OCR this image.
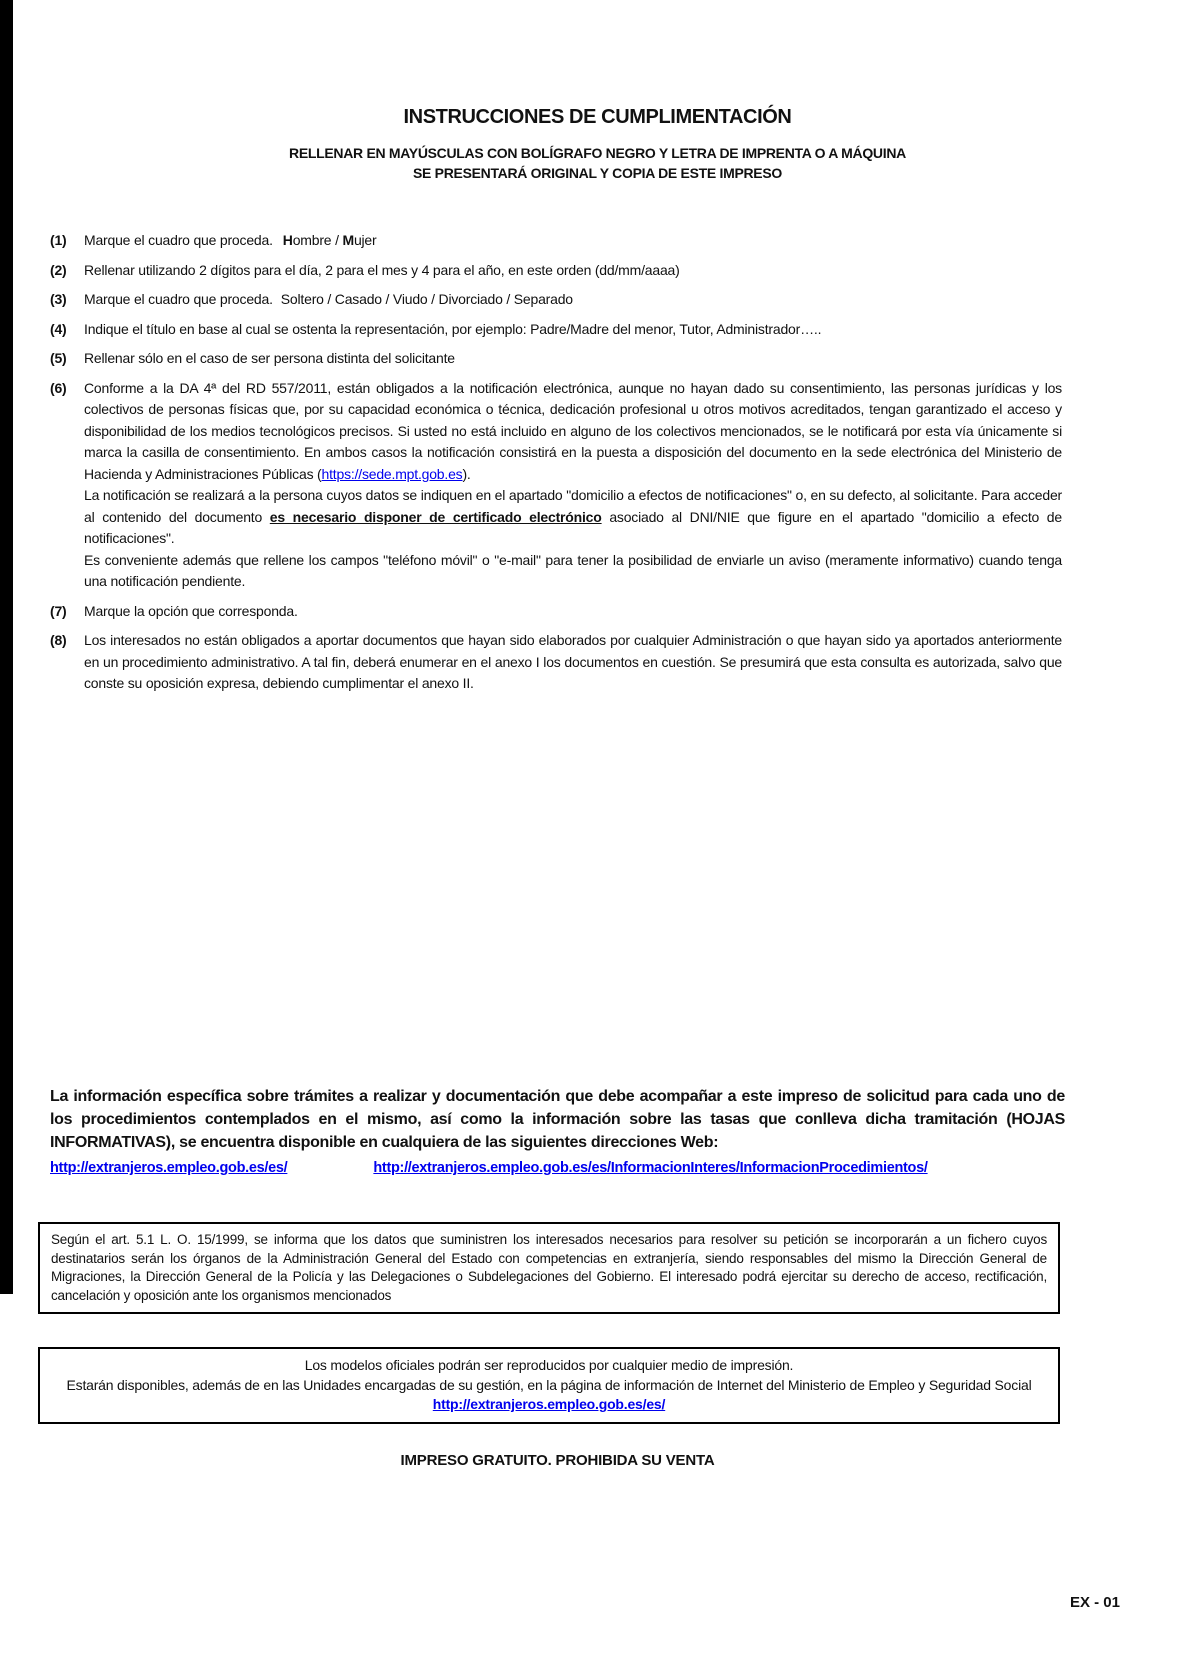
INSTRUCCIONES DE CUMPLIMENTACIÓN

RELLENAR EN MAYÚSCULAS CON BOLÍGRAFO NEGRO Y LETRA DE IMPRENTA O A MÁQUINA
SE PRESENTARÁ ORIGINAL Y COPIA DE ESTE IMPRESO

(1)	Marque el cuadro que proceda. Hombre / Mujer
(2)	Rellenar utilizando 2 dígitos para el día, 2 para el mes y 4 para el año, en este orden (dd/mm/aaaa)
(3)	Marque el cuadro que proceda. Soltero / Casado / Viudo / Divorciado / Separado
(4)	Indique el título en base al cual se ostenta la representación, por ejemplo: Padre/Madre del menor, Tutor, Administrador…..
(5)	Rellenar sólo en el caso de ser persona distinta del solicitante
(6)	Conforme a la DA 4ª del RD 557/2011, están obligados a la notificación electrónica, aunque no hayan dado su consentimiento, las personas jurídicas y los colectivos de personas físicas que, por su capacidad económica o técnica, dedicación profesional u otros motivos acreditados, tengan garantizado el acceso y disponibilidad de los medios tecnológicos precisos. Si usted no está incluido en alguno de los colectivos mencionados, se le notificará por esta vía únicamente si marca la casilla de consentimiento. En ambos casos la notificación consistirá en la puesta a disposición del documento en la sede electrónica del Ministerio de Hacienda y Administraciones Públicas (https://sede.mpt.gob.es).
La notificación se realizará a la persona cuyos datos se indiquen en el apartado "domicilio a efectos de notificaciones" o, en su defecto, al solicitante. Para acceder al contenido del documento es necesario disponer de certificado electrónico asociado al DNI/NIE que figure en el apartado "domicilio a efecto de notificaciones".
Es conveniente además que rellene los campos "teléfono móvil" o "e-mail" para tener la posibilidad de enviarle un aviso (meramente informativo) cuando tenga una notificación pendiente.
(7)	Marque la opción que corresponda.
(8)	Los interesados no están obligados a aportar documentos que hayan sido elaborados por cualquier Administración o que hayan sido ya aportados anteriormente en un procedimiento administrativo. A tal fin, deberá enumerar en el anexo I los documentos en cuestión. Se presumirá que esta consulta es autorizada, salvo que conste su oposición expresa, debiendo cumplimentar el anexo II.
La información específica sobre trámites a realizar y documentación que debe acompañar a este impreso de solicitud para cada uno de los procedimientos contemplados en el mismo, así como la información sobre las tasas que conlleva dicha tramitación (HOJAS INFORMATIVAS), se encuentra disponible en cualquiera de las siguientes direcciones Web:
http://extranjeros.empleo.gob.es/es/	http://extranjeros.empleo.gob.es/es/InformacionInteres/InformacionProcedimientos/
Según el art. 5.1 L. O. 15/1999, se informa que los datos que suministren los interesados necesarios para resolver su petición se incorporarán a un fichero cuyos destinatarios serán los órganos de la Administración General del Estado con competencias en extranjería, siendo responsables del mismo la Dirección General de Migraciones, la Dirección General de la Policía y las Delegaciones o Subdelegaciones del Gobierno. El interesado podrá ejercitar su derecho de acceso, rectificación, cancelación y oposición ante los organismos mencionados
Los modelos oficiales podrán ser reproducidos por cualquier medio de impresión.
Estarán disponibles, además de en las Unidades encargadas de su gestión, en la página de información de Internet del Ministerio de Empleo y Seguridad Social
http://extranjeros.empleo.gob.es/es/
IMPRESO GRATUITO. PROHIBIDA SU VENTA
EX - 01
